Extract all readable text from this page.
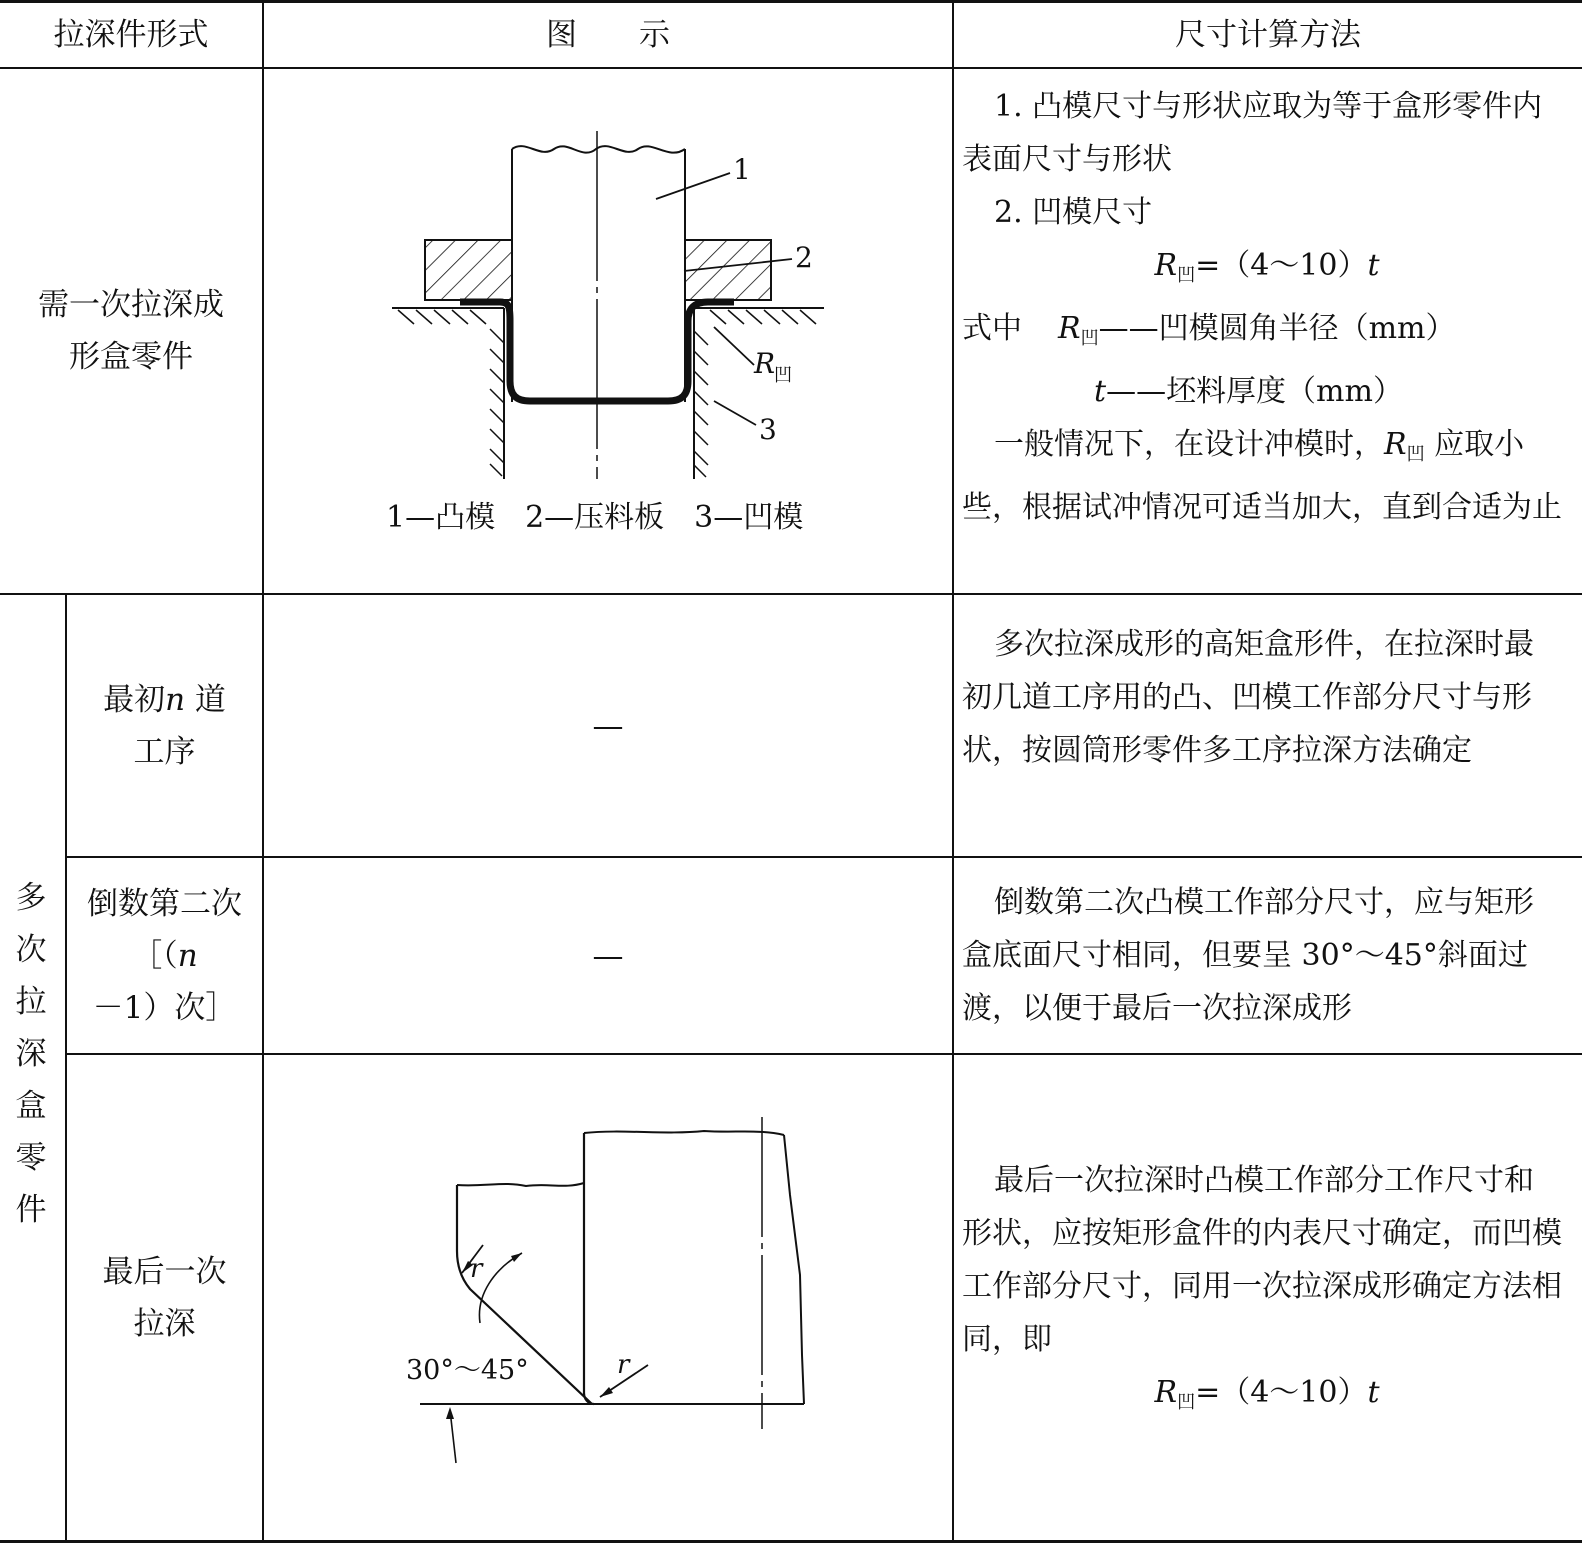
拉深件形式	图　　示	尺寸计算方法
需一次拉深成
形盒零件
1
2
3
R
凹
1—凸模　2—压料板　3—凹模
1. 凸模尺寸与形状应取为等于盒形零件内表面尺寸与形状
2. 凹模尺寸
$R_凹=(4\sim 10)t$
式中 $R_凹——$凹模圆角半径（mm）
t——坯料厚度（mm）
一般情况下，在设计冲模时，$R_凹$ 应取小些，根据试冲情况可适当加大，直到合适为止
多
次
拉
深
盒
零
件
最初n 道
工序
—
多次拉深成形的高矩盒形件，在拉深时最初几道工序用的凸、凹模工作部分尺寸与形状，按圆筒形零件多工序拉深方法确定
倒数第二次
［（n－1）次］
—
倒数第二次凸模工作部分尺寸，应与矩形盒底面尺寸相同，但要呈 30°～45°斜面过渡，以便于最后一次拉深成形
最后一次
拉深
r
r
30°～45°
最后一次拉深时凸模工作部分工作尺寸和形状，应按矩形盒件的内表尺寸确定，而凹模工作部分尺寸，同用一次拉深成形确定方法相同，即
$R_凹=(4\sim 10)t$
